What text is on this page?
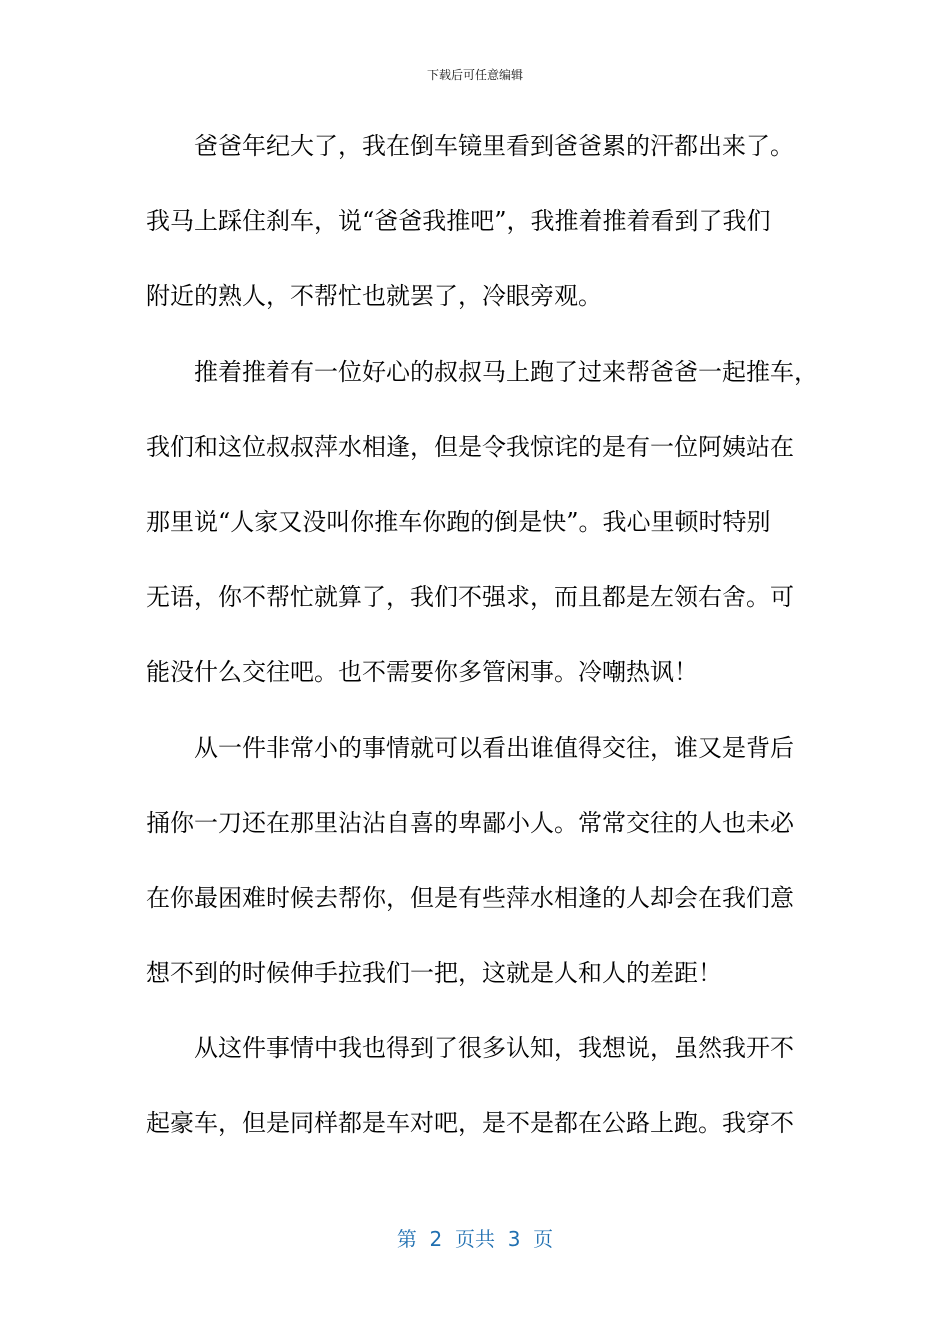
下载后可任意编辑
爸爸年纪大了，我在倒车镜里看到爸爸累的汗都出来了。
我马上踩住刹车，说“爸爸我推吧”，我推着推着看到了我们
附近的熟人，不帮忙也就罢了，冷眼旁观。
推着推着有一位好心的叔叔马上跑了过来帮爸爸一起推车，
我们和这位叔叔萍水相逢，但是令我惊诧的是有一位阿姨站在
那里说“人家又没叫你推车你跑的倒是快”。我心里顿时特别
无语，你不帮忙就算了，我们不强求，而且都是左领右舍。可
能没什么交往吧。也不需要你多管闲事。冷嘲热讽！
从一件非常小的事情就可以看出谁值得交往，谁又是背后
捅你一刀还在那里沾沾自喜的卑鄙小人。常常交往的人也未必
在你最困难时候去帮你，但是有些萍水相逢的人却会在我们意
想不到的时候伸手拉我们一把，这就是人和人的差距！
从这件事情中我也得到了很多认知，我想说，虽然我开不
起豪车，但是同样都是车对吧，是不是都在公路上跑。我穿不
第  2  页共  3  页
